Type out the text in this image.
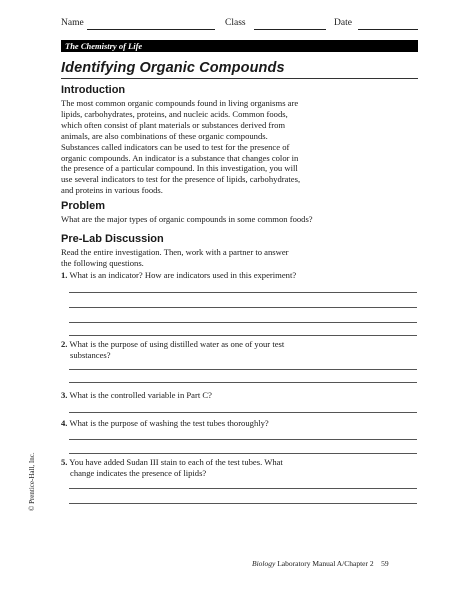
Name	Class	Date
The Chemistry of Life
Identifying Organic Compounds
Introduction
The most common organic compounds found in living organisms are
lipids, carbohydrates, proteins, and nucleic acids. Common foods,
which often consist of plant materials or substances derived from
animals, are also combinations of these organic compounds.
Substances called indicators can be used to test for the presence of
organic compounds. An indicator is a substance that changes color in
the presence of a particular compound. In this investigation, you will
use several indicators to test for the presence of lipids, carbohydrates,
and proteins in various foods.
Problem
What are the major types of organic compounds in some common foods?
Pre-Lab Discussion
Read the entire investigation. Then, work with a partner to answer
the following questions.
1. What is an indicator? How are indicators used in this experiment?
2. What is the purpose of using distilled water as one of your test
substances?
3. What is the controlled variable in Part C?
4. What is the purpose of washing the test tubes thoroughly?
5. You have added Sudan III stain to each of the test tubes. What
change indicates the presence of lipids?
© Prentice-Hall, Inc.
Biology Laboratory Manual A/Chapter 2 59
